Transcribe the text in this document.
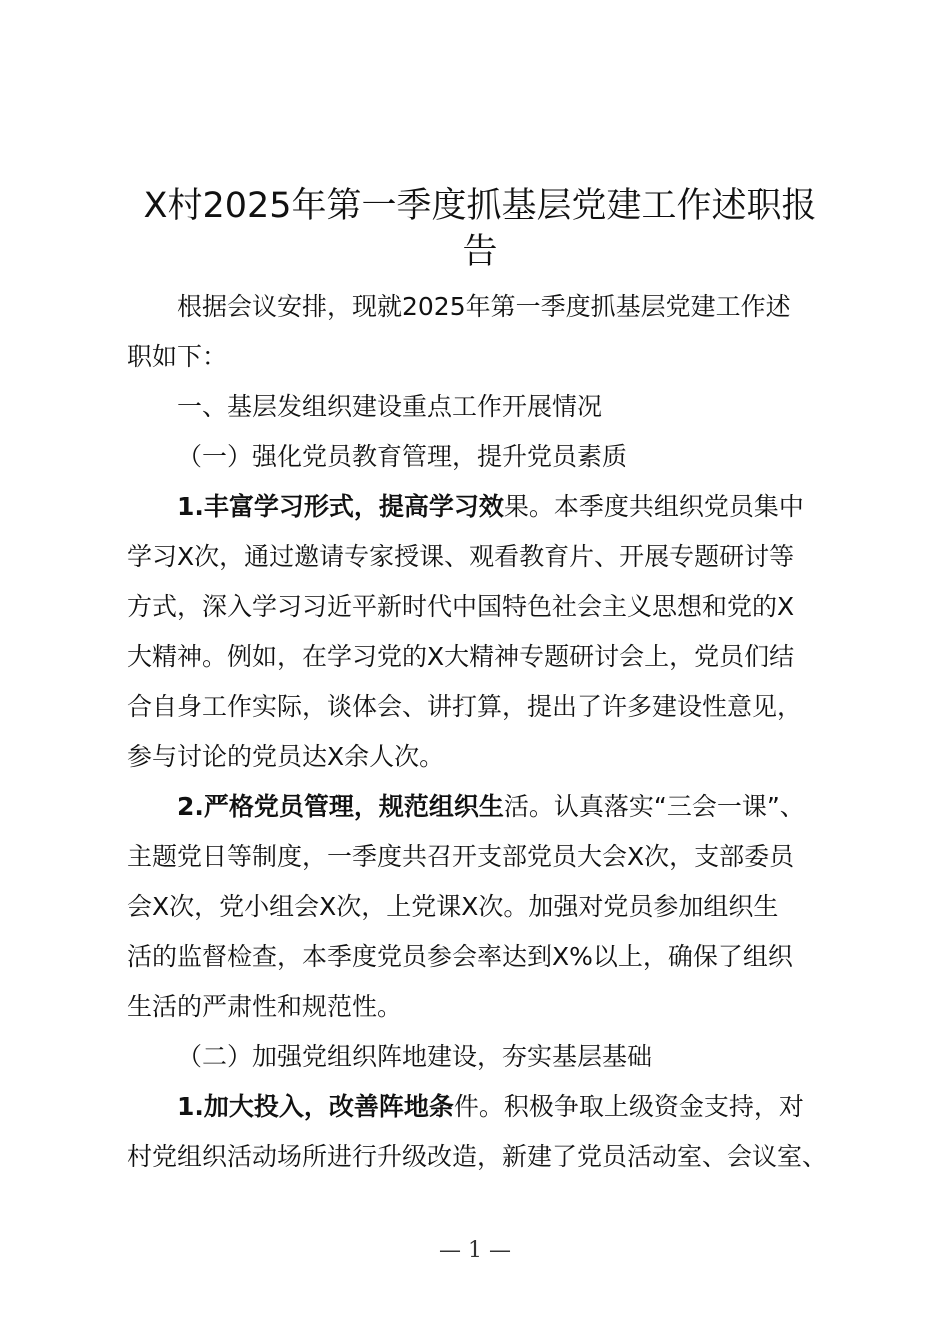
X村2025年第一季度抓基层党建工作述职报
告

根据会议安排，现就2025年第一季度抓基层党建工作述
职如下：

一、基层发组织建设重点工作开展情况

（一）强化党员教育管理，提升党员素质

1.丰富学习形式，提高学习效果。本季度共组织党员集中
学习X次，通过邀请专家授课、观看教育片、开展专题研讨等
方式，深入学习习近平新时代中国特色社会主义思想和党的X
大精神。例如，在学习党的X大精神专题研讨会上，党员们结
合自身工作实际，谈体会、讲打算，提出了许多建设性意见，
参与讨论的党员达X余人次。

2.严格党员管理，规范组织生活。认真落实“三会一课”、
主题党日等制度，一季度共召开支部党员大会X次，支部委员
会X次，党小组会X次，上党课X次。加强对党员参加组织生
活的监督检查，本季度党员参会率达到X%以上，确保了组织
生活的严肃性和规范性。

（二）加强党组织阵地建设，夯实基层基础

1.加大投入，改善阵地条件。积极争取上级资金支持，对
村党组织活动场所进行升级改造，新建了党员活动室、会议室、

— 1 —
